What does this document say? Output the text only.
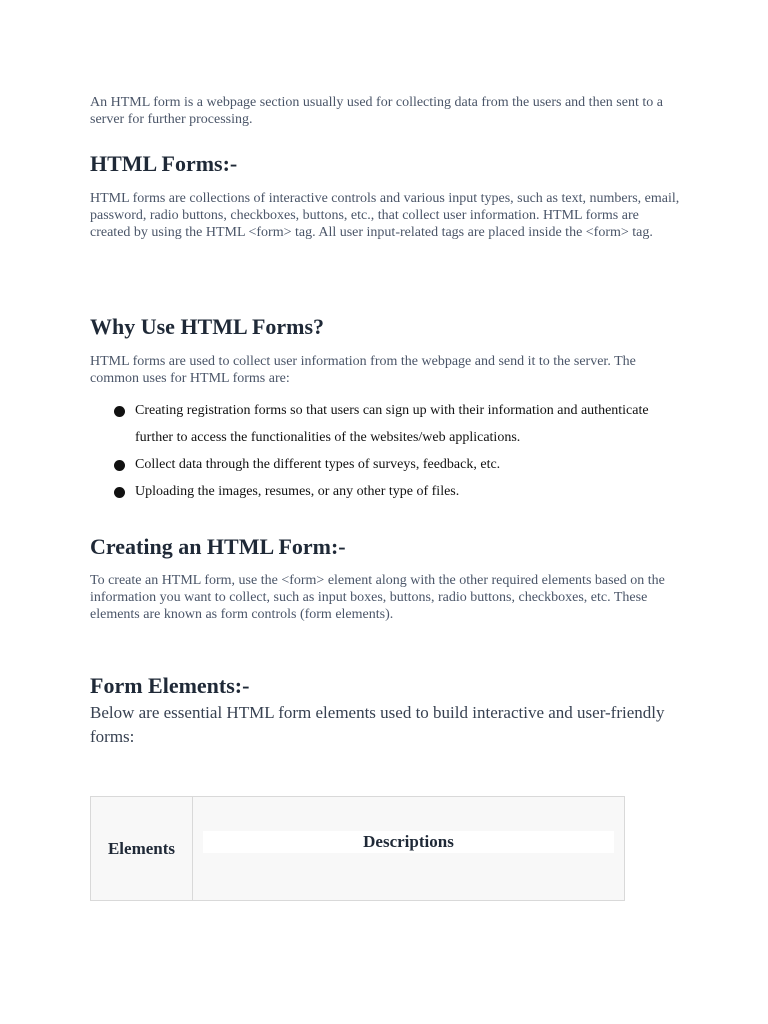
An HTML form is a webpage section usually used for collecting data from the users and then sent to a server for further processing.

HTML Forms:-

HTML forms are collections of interactive controls and various input types, such as text, numbers, email, password, radio buttons, checkboxes, buttons, etc., that collect user information. HTML forms are created by using the HTML <form> tag. All user input-related tags are placed inside the <form> tag.

Why Use HTML Forms?

HTML forms are used to collect user information from the webpage and send it to the server. The common uses for HTML forms are:

Creating registration forms so that users can sign up with their information and authenticate further to access the functionalities of the websites/web applications.
Collect data through the different types of surveys, feedback, etc.
Uploading the images, resumes, or any other type of files.
Creating an HTML Form:-

To create an HTML form, use the <form> element along with the other required elements based on the information you want to collect, such as input boxes, buttons, radio buttons, checkboxes, etc. These elements are known as form controls (form elements).

Form Elements:-

Below are essential HTML form elements used to build interactive and user-friendly forms:

Elements	Descriptions
